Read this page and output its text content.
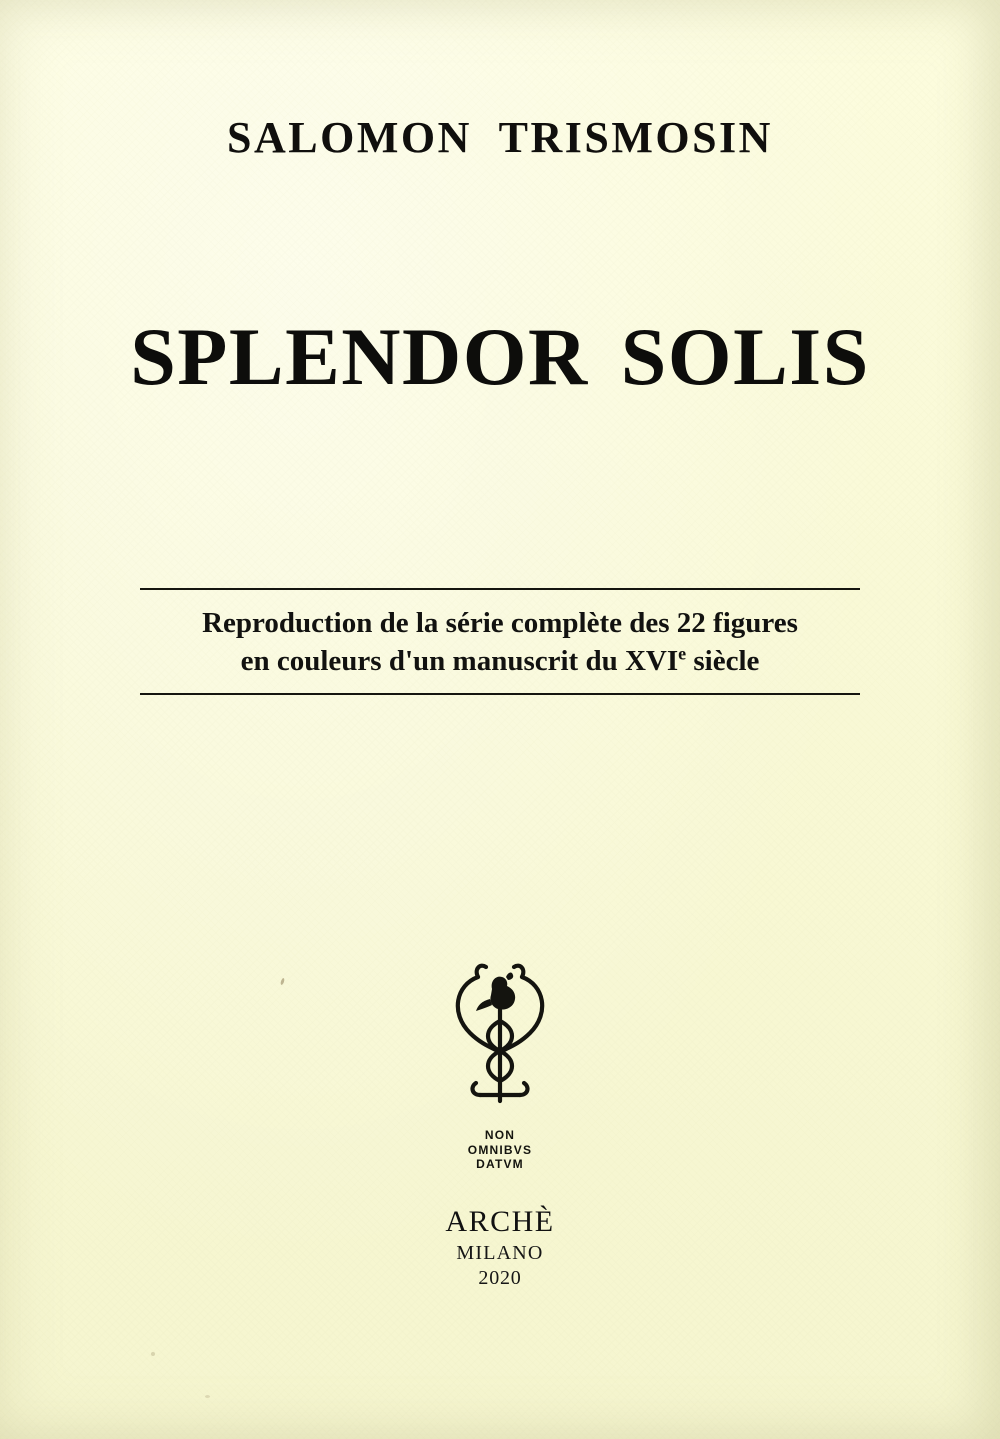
SALOMON TRISMOSIN
SPLENDOR SOLIS
Reproduction de la série complète des 22 figures
en couleurs d'un manuscrit du XVIe siècle
NON
OMNIBVS
DATVM
ARCHÈ
MILANO
2020
